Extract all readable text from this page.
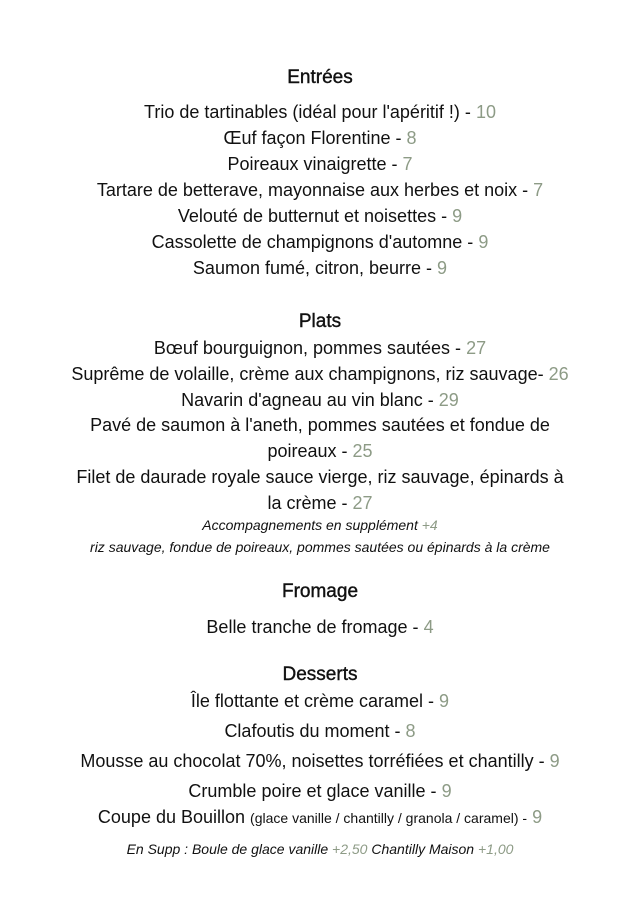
Entrées
Trio de tartinables (idéal pour l'apéritif !) - 10
Œuf façon Florentine - 8
Poireaux vinaigrette - 7
Tartare de betterave, mayonnaise aux herbes et noix - 7
Velouté de butternut et noisettes - 9
Cassolette de champignons d'automne - 9
Saumon fumé, citron, beurre - 9
Plats
Bœuf bourguignon, pommes sautées - 27
Suprême de volaille, crème aux champignons, riz sauvage- 26
Navarin d'agneau au vin blanc - 29
Pavé de saumon à l'aneth, pommes sautées et fondue de
poireaux - 25
Filet de daurade royale sauce vierge, riz sauvage, épinards à
la crème - 27
Accompagnements en supplément +4
riz sauvage, fondue de poireaux, pommes sautées ou épinards à la crème
Fromage
Belle tranche de fromage - 4
Desserts
Île flottante et crème caramel - 9
Clafoutis du moment - 8
Mousse au chocolat 70%, noisettes torréfiées et chantilly - 9
Crumble poire et glace vanille - 9
Coupe du Bouillon (glace vanille / chantilly / granola / caramel) - 9
En Supp : Boule de glace vanille +2,50 Chantilly Maison +1,00
